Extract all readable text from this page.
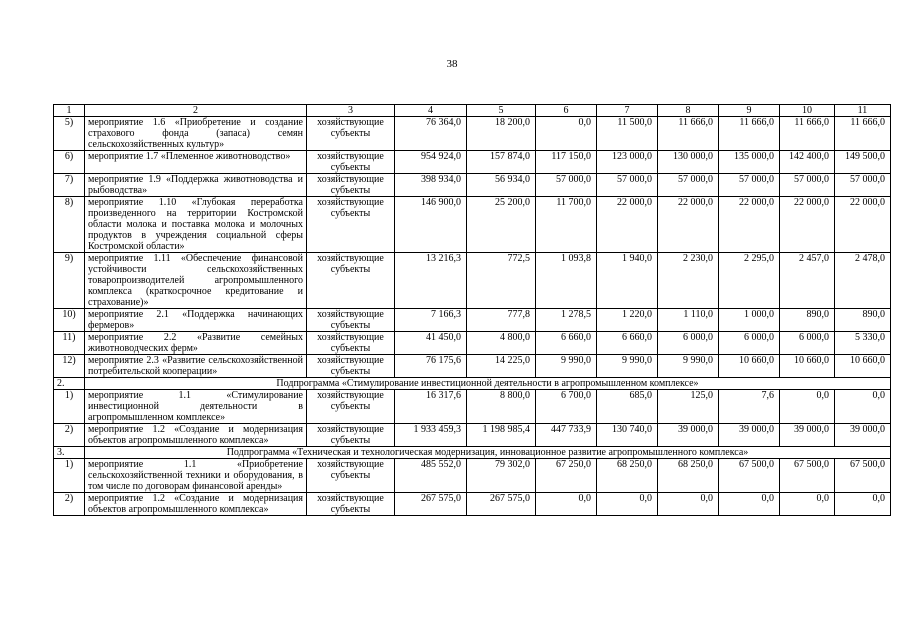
38
1	2	3	4	5	6	7	8	9	10	11
5)	мероприятие 1.6 «Приобретение и создание страхового фонда (запаса) семян сельскохозяйственных культур»	хозяйствующие субъекты	76 364,0	18 200,0	0,0	11 500,0	11 666,0	11 666,0	11 666,0	11 666,0
6)	мероприятие 1.7 «Племенное животноводство»	хозяйствующие субъекты	954 924,0	157 874,0	117 150,0	123 000,0	130 000,0	135 000,0	142 400,0	149 500,0
7)	мероприятие 1.9 «Поддержка животноводства и рыбоводства»	хозяйствующие субъекты	398 934,0	56 934,0	57 000,0	57 000,0	57 000,0	57 000,0	57 000,0	57 000,0
8)	мероприятие 1.10 «Глубокая переработка произведенного на территории Костромской области молока и поставка молока и молочных продуктов в учреждения социальной сферы Костромской области»	хозяйствующие субъекты	146 900,0	25 200,0	11 700,0	22 000,0	22 000,0	22 000,0	22 000,0	22 000,0
9)	мероприятие 1.11 «Обеспечение финансовой устойчивости сельскохозяйственных товаропроизводителей агропромышленного комплекса (краткосрочное кредитование и страхование)»	хозяйствующие субъекты	13 216,3	772,5	1 093,8	1 940,0	2 230,0	2 295,0	2 457,0	2 478,0
10)	мероприятие 2.1 «Поддержка начинающих фермеров»	хозяйствующие субъекты	7 166,3	777,8	1 278,5	1 220,0	1 110,0	1 000,0	890,0	890,0
11)	мероприятие 2.2 «Развитие семейных животноводческих ферм»	хозяйствующие субъекты	41 450,0	4 800,0	6 660,0	6 660,0	6 000,0	6 000,0	6 000,0	5 330,0
12)	мероприятие 2.3 «Развитие сельскохозяйственной потребительской кооперации»	хозяйствующие субъекты	76 175,6	14 225,0	9 990,0	9 990,0	9 990,0	10 660,0	10 660,0	10 660,0
2.	Подпрограмма «Стимулирование инвестиционной деятельности в агропромышленном комплексе»									
1)	мероприятие 1.1 «Стимулирование инвестиционной деятельности в агропромышленном комплексе»	хозяйствующие субъекты	16 317,6	8 800,0	6 700,0	685,0	125,0	7,6	0,0	0,0
2)	мероприятие 1.2 «Создание и модернизация объектов агропромышленного комплекса»	хозяйствующие субъекты	1 933 459,3	1 198 985,4	447 733,9	130 740,0	39 000,0	39 000,0	39 000,0	39 000,0
3.	Подпрограмма «Техническая и технологическая модернизация, инновационное развитие агропромышленного комплекса»									
1)	мероприятие 1.1 «Приобретение сельскохозяйственной техники и оборудования, в том числе по договорам финансовой аренды»	хозяйствующие субъекты	485 552,0	79 302,0	67 250,0	68 250,0	68 250,0	67 500,0	67 500,0	67 500,0
2)	мероприятие 1.2 «Создание и модернизация объектов агропромышленного комплекса»	хозяйствующие субъекты	267 575,0	267 575,0	0,0	0,0	0,0	0,0	0,0	0,0
